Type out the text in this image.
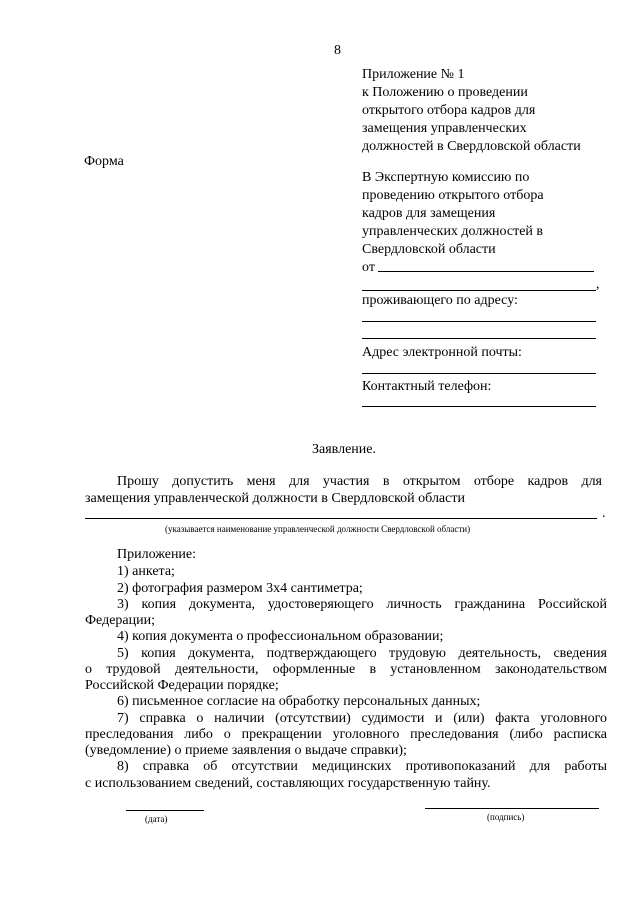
8
Приложение № 1
к Положению о проведении
открытого отбора кадров для
замещения управленческих
должностей в Свердловской области
Форма
В Экспертную комиссию по
проведению открытого отбора
кадров для замещения
управленческих должностей в
Свердловской области
от
,
проживающего по адресу:
Адрес электронной почты:
Контактный телефон:
Заявление.
Прошу допустить меня для участия в открытом отборе кадров для
замещения управленческой должности в Свердловской области
.
(указывается наименование управленческой должности Свердловской области)
Приложение:
1) анкета;
2) фотография размером 3х4 сантиметра;
3) копия документа, удостоверяющего личность гражданина Российской
Федерации;
4) копия документа о профессиональном образовании;
5) копия документа, подтверждающего трудовую деятельность, сведения
о трудовой деятельности, оформленные в установленном законодательством
Российской Федерации порядке;
6) письменное согласие на обработку персональных данных;
7) справка о наличии (отсутствии) судимости и (или) факта уголовного
преследования либо о прекращении уголовного преследования (либо расписка
(уведомление) о приеме заявления о выдаче справки);
8) справка об отсутствии медицинских противопоказаний для работы
с использованием сведений, составляющих государственную тайну.
(дата)	(подпись)
